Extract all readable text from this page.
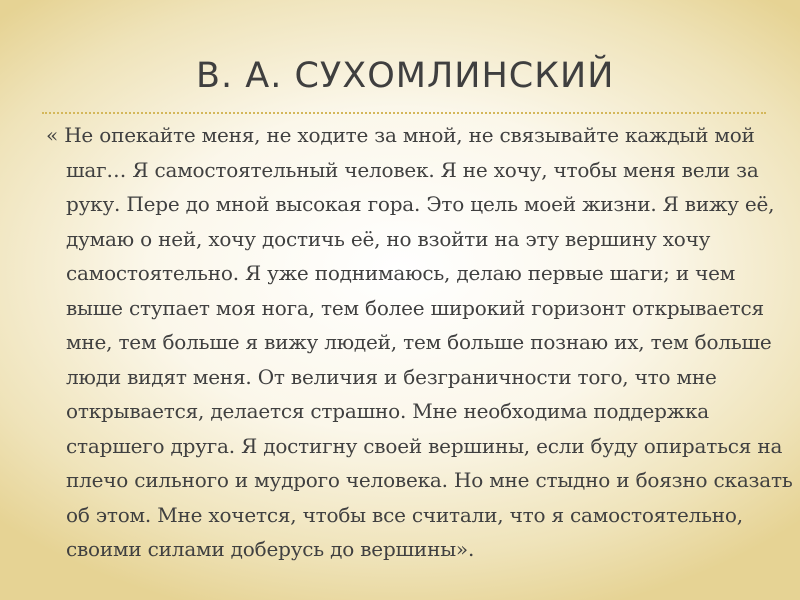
В. А. СУХОМЛИНСКИЙ

« Не опекайте меня, не ходите за мной, не связывайте каждый мой шаг… Я самостоятельный человек. Я не хочу, чтобы меня вели за руку. Пере до мной высокая гора. Это цель моей жизни. Я вижу её, думаю о ней, хочу достичь её, но взойти на эту вершину хочу самостоятельно. Я уже поднимаюсь, делаю первые шаги; и чем выше ступает моя нога, тем более широкий горизонт открывается мне, тем больше я вижу людей, тем больше познаю их, тем больше люди видят меня. От величия и безграничности того, что мне открывается, делается страшно. Мне необходима поддержка старшего друга. Я достигну своей вершины, если буду опираться на плечо сильного и мудрого человека. Но мне стыдно и боязно сказать об этом. Мне хочется, чтобы все считали, что я самостоятельно, своими силами доберусь до вершины».
